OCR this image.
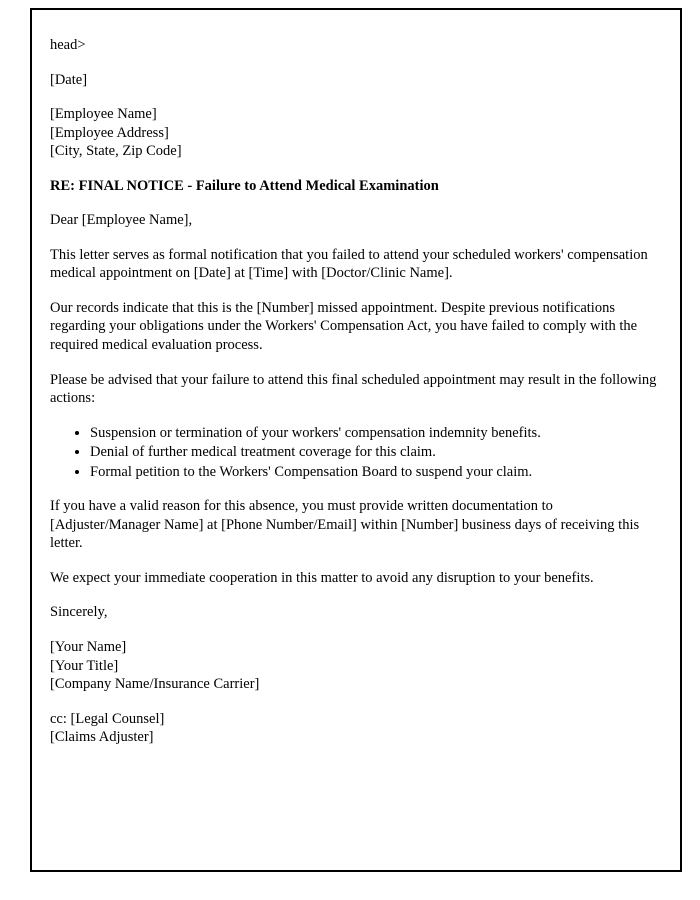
head>

[Date]

[Employee Name]

[Employee Address]

[City, State, Zip Code]

RE: FINAL NOTICE - Failure to Attend Medical Examination

Dear [Employee Name],

This letter serves as formal notification that you failed to attend your scheduled workers' compensation medical appointment on [Date] at [Time] with [Doctor/Clinic Name].

Our records indicate that this is the [Number] missed appointment. Despite previous notifications regarding your obligations under the Workers' Compensation Act, you have failed to comply with the required medical evaluation process.

Please be advised that your failure to attend this final scheduled appointment may result in the following actions:

• Suspension or termination of your workers' compensation indemnity benefits.
• Denial of further medical treatment coverage for this claim.
• Formal petition to the Workers' Compensation Board to suspend your claim.

If you have a valid reason for this absence, you must provide written documentation to [Adjuster/Manager Name] at [Phone Number/Email] within [Number] business days of receiving this letter.

We expect your immediate cooperation in this matter to avoid any disruption to your benefits.

Sincerely,

[Your Name]

[Your Title]

[Company Name/Insurance Carrier]

cc: [Legal Counsel]

[Claims Adjuster]
